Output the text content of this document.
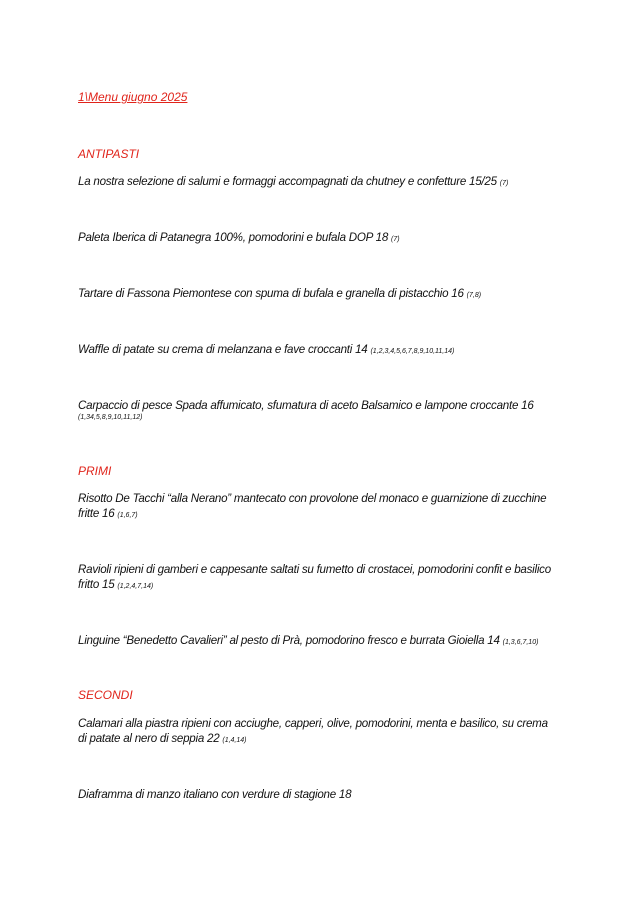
1\Menu giugno 2025
ANTIPASTI
La nostra selezione di salumi e formaggi accompagnati da chutney e confetture 15/25 (7)
Paleta Iberica di Patanegra 100%, pomodorini e bufala DOP 18 (7)
Tartare di Fassona Piemontese con spuma di bufala e granella di pistacchio 16 (7,8)
Waffle di patate su crema di melanzana e fave croccanti 14 (1,2,3,4,5,6,7,8,9,10,11,14)
Carpaccio di pesce Spada affumicato, sfumatura di aceto Balsamico e lampone croccante 16
(1,34,5,8,9,10,11,12)
PRIMI
Risotto De Tacchi “alla Nerano” mantecato con provolone del monaco e guarnizione di zucchine fritte 16 (1,6,7)
Ravioli ripieni di gamberi e cappesante saltati su fumetto di crostacei, pomodorini confit e basilico fritto 15 (1,2,4,7,14)
Linguine “Benedetto Cavalieri” al pesto di Prà, pomodorino fresco e burrata Gioiella 14 (1,3,6,7,10)
SECONDI
Calamari alla piastra ripieni con acciughe, capperi, olive, pomodorini, menta e basilico, su crema di patate al nero di seppia 22 (1,4,14)
Diaframma di manzo italiano con verdure di stagione 18
